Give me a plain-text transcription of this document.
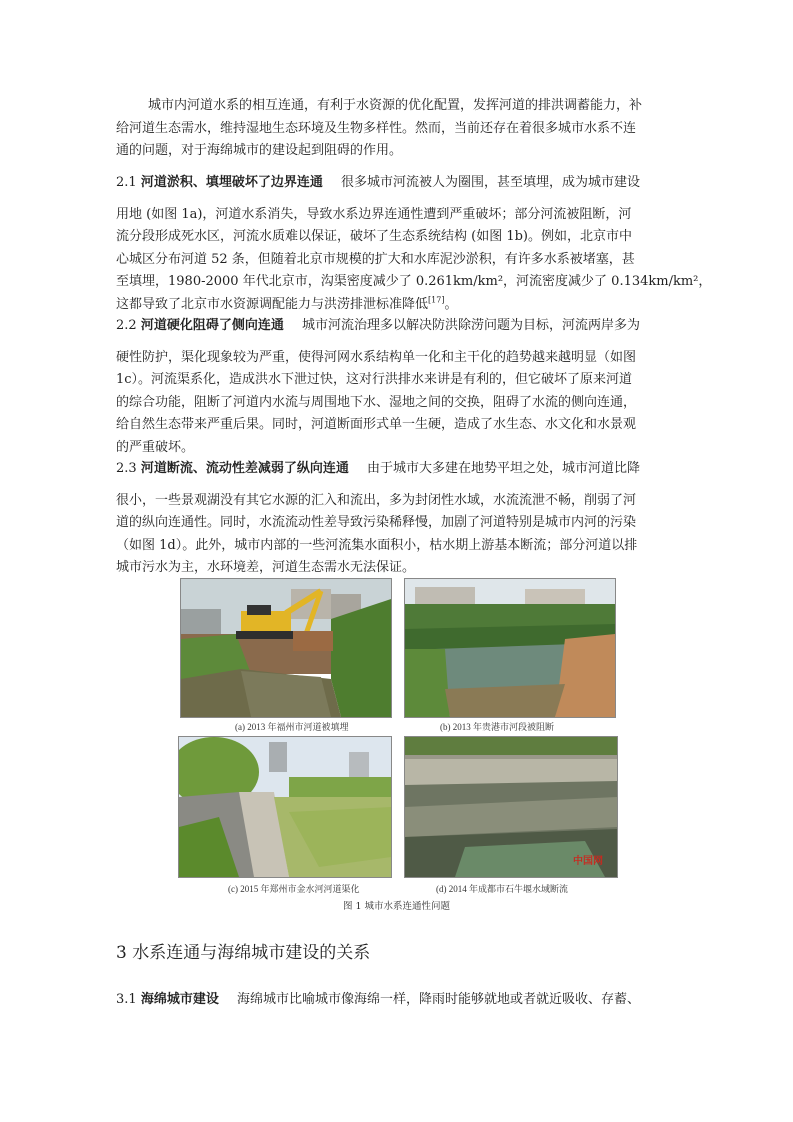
城市内河道水系的相互连通，有利于水资源的优化配置，发挥河道的排洪调蓄能力，补
给河道生态需水，维持湿地生态环境及生物多样性。然而，当前还存在着很多城市水系不连
通的问题，对于海绵城市的建设起到阻碍的作用。
2.1 河道淤积、填埋破坏了边界连通 很多城市河流被人为圈围，甚至填埋，成为城市建设
用地 (如图 1a)，河道水系消失，导致水系边界连通性遭到严重破坏；部分河流被阻断，河
流分段形成死水区，河流水质难以保证，破坏了生态系统结构 (如图 1b)。例如，北京市中
心城区分布河道 52 条，但随着北京市规模的扩大和水库泥沙淤积，有许多水系被堵塞，甚
至填埋，1980-2000 年代北京市，沟渠密度减少了 0.261km/km²，河流密度减少了 0.134km/km²，
这都导致了北京市水资源调配能力与洪涝排泄标准降低[17]。
2.2 河道硬化阻碍了侧向连通 城市河流治理多以解决防洪除涝问题为目标，河流两岸多为
硬性防护，渠化现象较为严重，使得河网水系结构单一化和主干化的趋势越来越明显（如图
1c）。河流渠系化，造成洪水下泄过快，这对行洪排水来讲是有利的，但它破坏了原来河道
的综合功能，阻断了河道内水流与周围地下水、湿地之间的交换，阻碍了水流的侧向连通，
给自然生态带来严重后果。同时，河道断面形式单一生硬，造成了水生态、水文化和水景观
的严重破坏。
2.3 河道断流、流动性差减弱了纵向连通 由于城市大多建在地势平坦之处，城市河道比降
很小，一些景观湖没有其它水源的汇入和流出，多为封闭性水域，水流流泄不畅，削弱了河
道的纵向连通性。同时，水流流动性差导致污染稀释慢，加剧了河道特别是城市内河的污染
（如图 1d）。此外，城市内部的一些河流集水面积小，枯水期上游基本断流；部分河道以排
城市污水为主，水环境差，河道生态需水无法保证。
(a) 2013 年福州市河道被填埋	(b) 2013 年贵港市河段被阻断
(c) 2015 年郑州市金水河河道渠化
中国网
(d) 2014 年成都市石牛堰水域断流
图 1 城市水系连通性问题
3 水系连通与海绵城市建设的关系
3.1 海绵城市建设 海绵城市比喻城市像海绵一样，降雨时能够就地或者就近吸收、存蓄、
